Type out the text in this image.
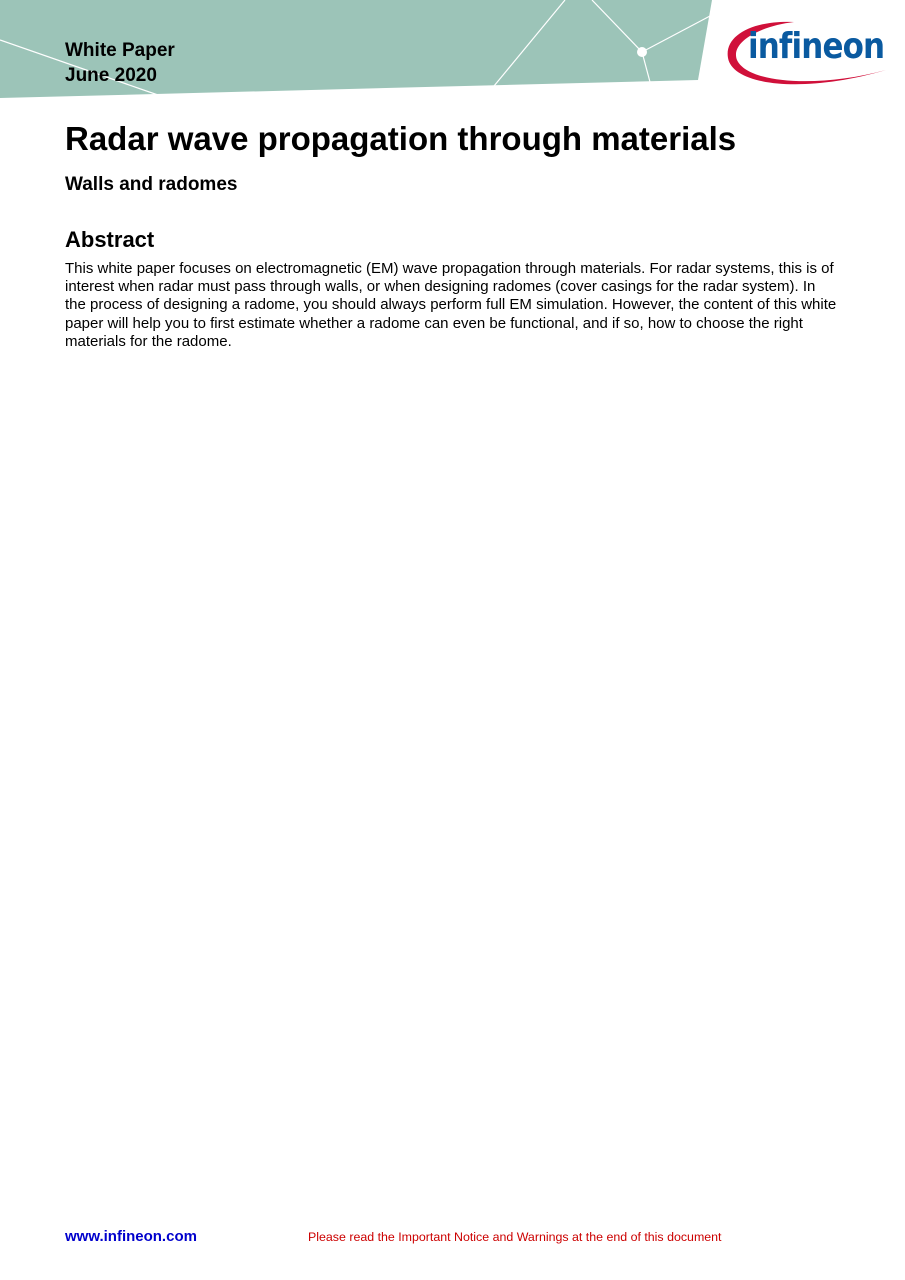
White Paper
June 2020
infineon
Radar wave propagation through materials
Walls and radomes
Abstract

This white paper focuses on electromagnetic (EM) wave propagation through materials. For radar systems, this is of interest when radar must pass through walls, or when designing radomes (cover casings for the radar system). In the process of designing a radome, you should always perform full EM simulation. However, the content of this white paper will help you to first estimate whether a radome can even be functional, and if so, how to choose the right materials for the radome.

www.infineon.com	Please read the Important Notice and Warnings at the end of this document
